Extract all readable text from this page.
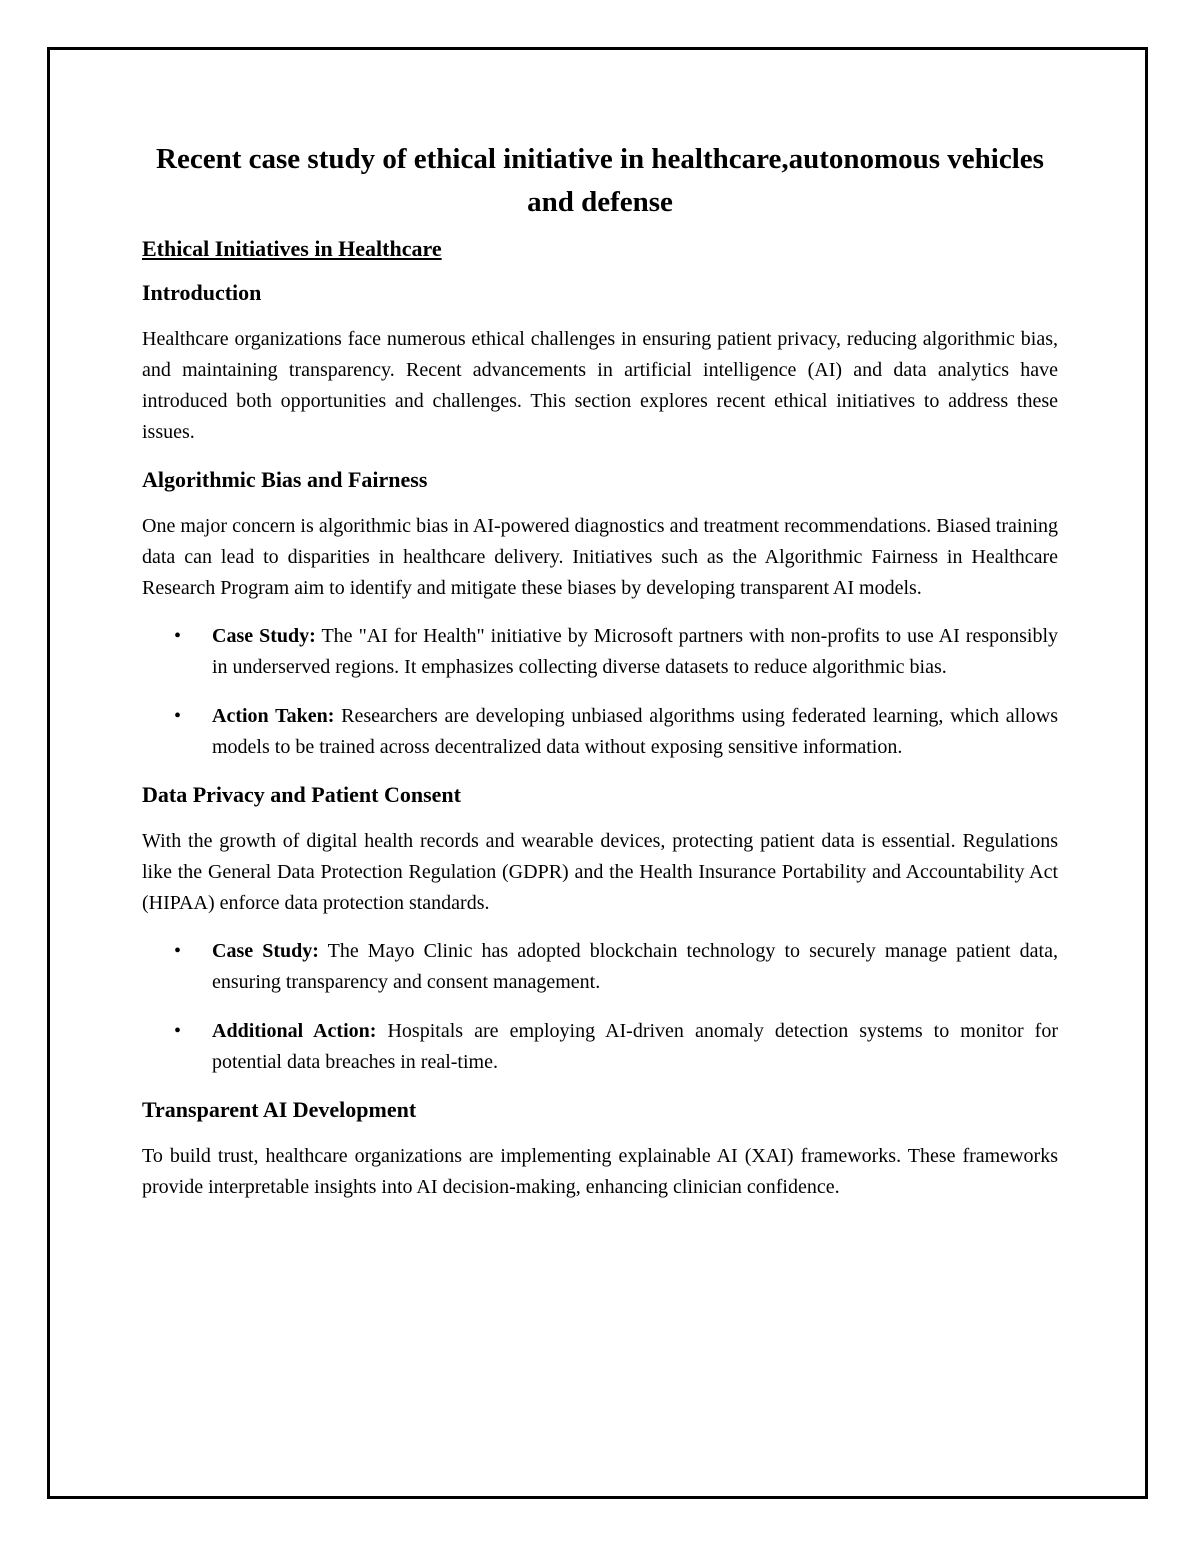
Recent case study of ethical initiative in healthcare,autonomous vehicles and defense
Ethical Initiatives in Healthcare
Introduction

Healthcare organizations face numerous ethical challenges in ensuring patient privacy, reducing algorithmic bias, and maintaining transparency. Recent advancements in artificial intelligence (AI) and data analytics have introduced both opportunities and challenges. This section explores recent ethical initiatives to address these issues.

Algorithmic Bias and Fairness

One major concern is algorithmic bias in AI-powered diagnostics and treatment recommendations. Biased training data can lead to disparities in healthcare delivery. Initiatives such as the Algorithmic Fairness in Healthcare Research Program aim to identify and mitigate these biases by developing transparent AI models.

• Case Study: The "AI for Health" initiative by Microsoft partners with non-profits to use AI responsibly in underserved regions. It emphasizes collecting diverse datasets to reduce algorithmic bias.
• Action Taken: Researchers are developing unbiased algorithms using federated learning, which allows models to be trained across decentralized data without exposing sensitive information.
Data Privacy and Patient Consent

With the growth of digital health records and wearable devices, protecting patient data is essential. Regulations like the General Data Protection Regulation (GDPR) and the Health Insurance Portability and Accountability Act (HIPAA) enforce data protection standards.

• Case Study: The Mayo Clinic has adopted blockchain technology to securely manage patient data, ensuring transparency and consent management.
• Additional Action: Hospitals are employing AI-driven anomaly detection systems to monitor for potential data breaches in real-time.
Transparent AI Development

To build trust, healthcare organizations are implementing explainable AI (XAI) frameworks. These frameworks provide interpretable insights into AI decision-making, enhancing clinician confidence.
